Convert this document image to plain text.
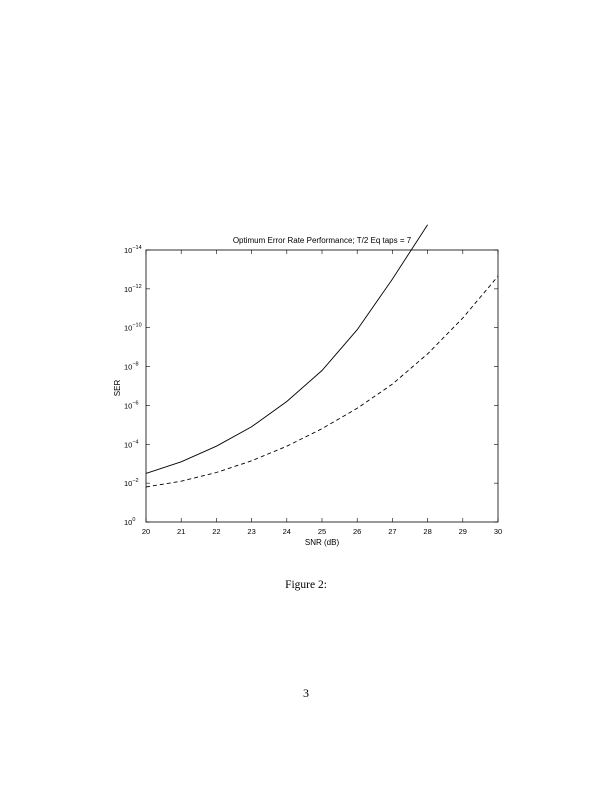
Optimum Error Rate Performance; T/2 Eq taps = 7
20	21	22	23	24	25	26	27	28	29	30
$10^0$
$10^{-2}$
$10^{-4}$
$10^{-6}$
$10^{-8}$
$10^{-10}$
$10^{-12}$
$10^{-14}$
SNR (dB)
SER
Figure 2:
3
